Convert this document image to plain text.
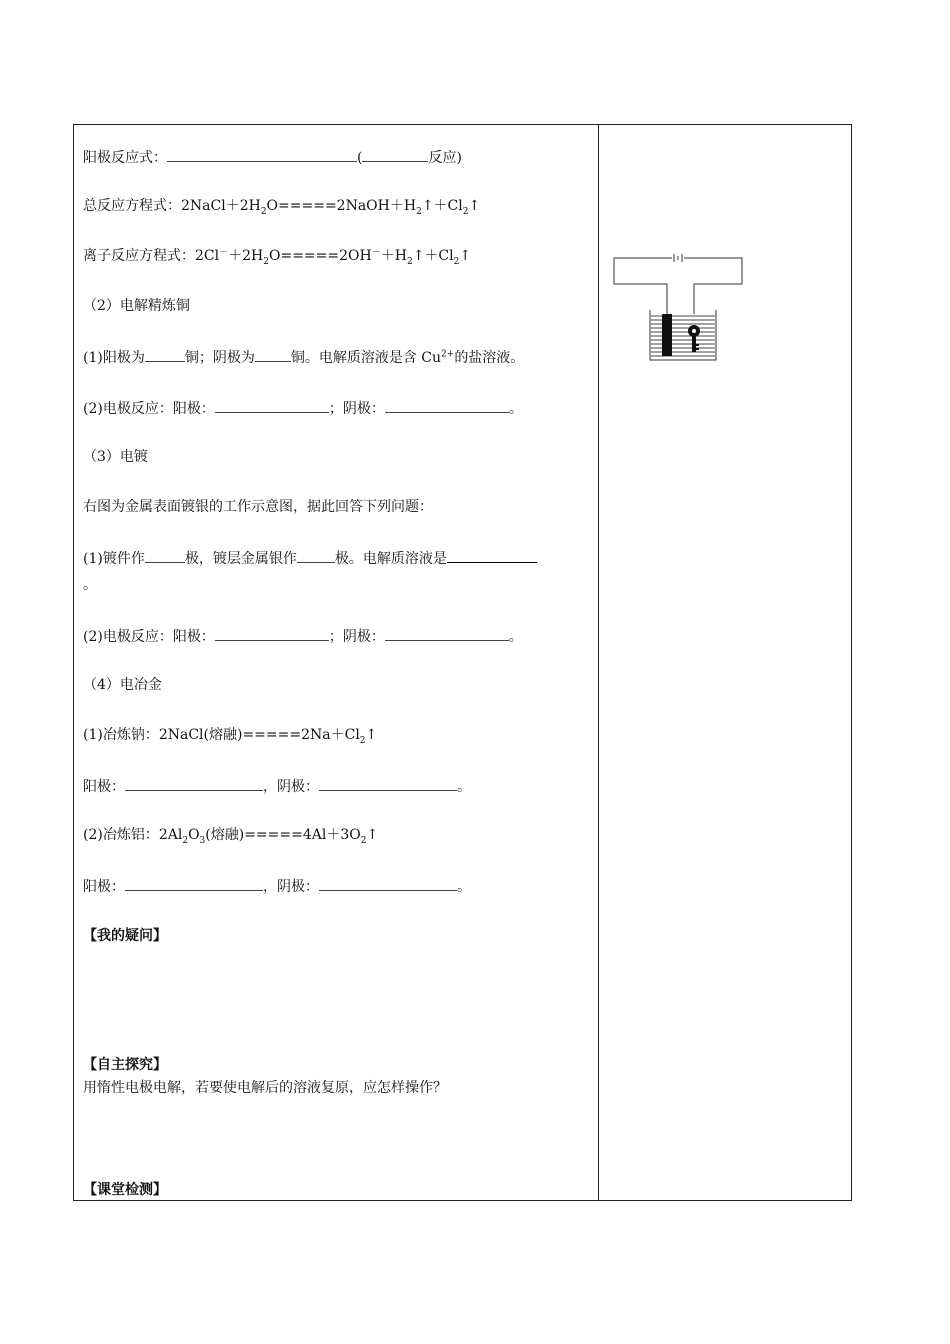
阳极反应式：	(	反应)
总反应方程式：$2NaCl+2H_2O=====2NaOH+H_2↑+Cl_2↑$
离子反应方程式：$2Cl^-+2H_2O=====2OH^-+H_2↑+Cl_2↑$
（2）电解精炼铜
(1)阳极为	铜；阴极为	铜。电解质溶液是含 $Cu^{2+}$的盐溶液。
(2)电极反应：阳极：	；阴极：	。
（3）电镀
右图为金属表面镀银的工作示意图，据此回答下列问题：
(1)镀件作	极，镀层金属银作	极。电解质溶液是
。
(2)电极反应：阳极：	；阴极：	。
（4）电冶金
(1)冶炼钠：2NaCl(熔融)$=====2Na+Cl_2↑$
阳极：	，阴极：	。
(2)冶炼铝：$2Al_2O_3$(熔融)$=====4Al+3O_2↑$
阳极：	，阴极：	。
【我的疑问】
【自主探究】
用惰性电极电解，若要使电解后的溶液复原，应怎样操作？
【课堂检测】
